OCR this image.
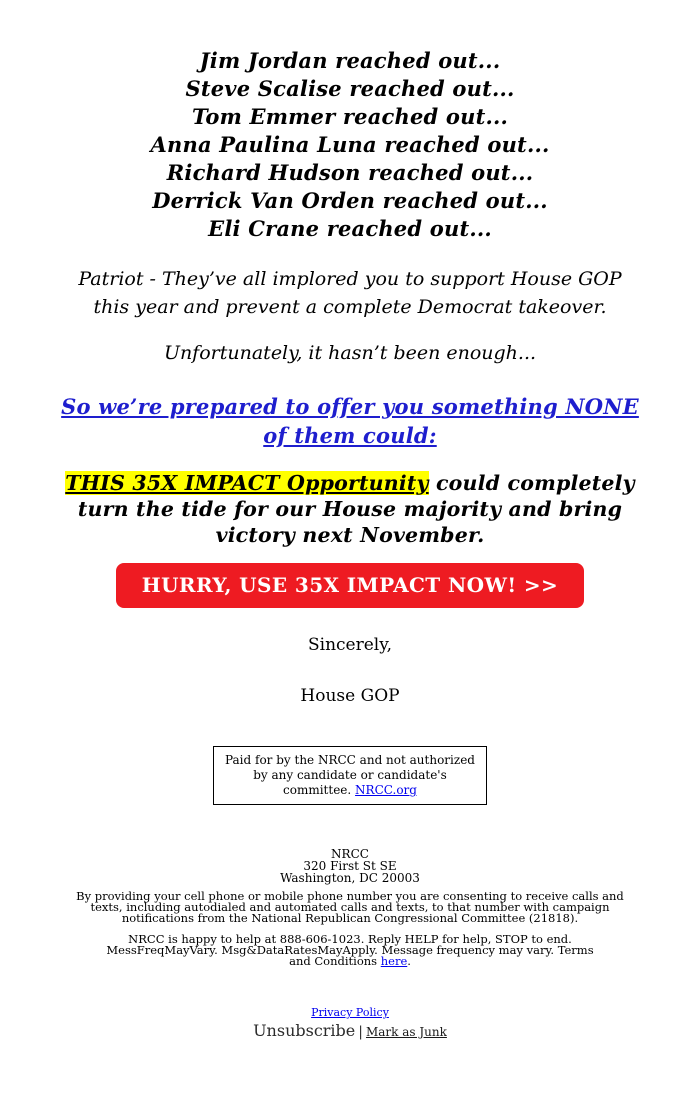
Jim Jordan reached out...
Steve Scalise reached out...
Tom Emmer reached out...
Anna Paulina Luna reached out...
Richard Hudson reached out...
Derrick Van Orden reached out...
Eli Crane reached out...

Patriot - They’ve all implored you to support House GOP this year and prevent a complete Democrat takeover.

Unfortunately, it hasn’t been enough...

So we’re prepared to offer you something NONE of them could:

THIS 35X IMPACT Opportunity could completely turn the tide for our House majority and bring victory next November.

HURRY, USE 35X IMPACT NOW! >>

Sincerely,

House GOP

Paid for by the NRCC and not authorized by any candidate or candidate's committee. NRCC.org
NRCC
320 First St SE
Washington, DC 20003

By providing your cell phone or mobile phone number you are consenting to receive calls and texts, including autodialed and automated calls and texts, to that number with campaign notifications from the National Republican Congressional Committee (21818).

NRCC is happy to help at 888-606-1023. Reply HELP for help, STOP to end. MessFreqMayVary. Msg&DataRatesMayApply. Message frequency may vary. Terms and Conditions here.

Privacy Policy
Unsubscribe | Mark as Junk
